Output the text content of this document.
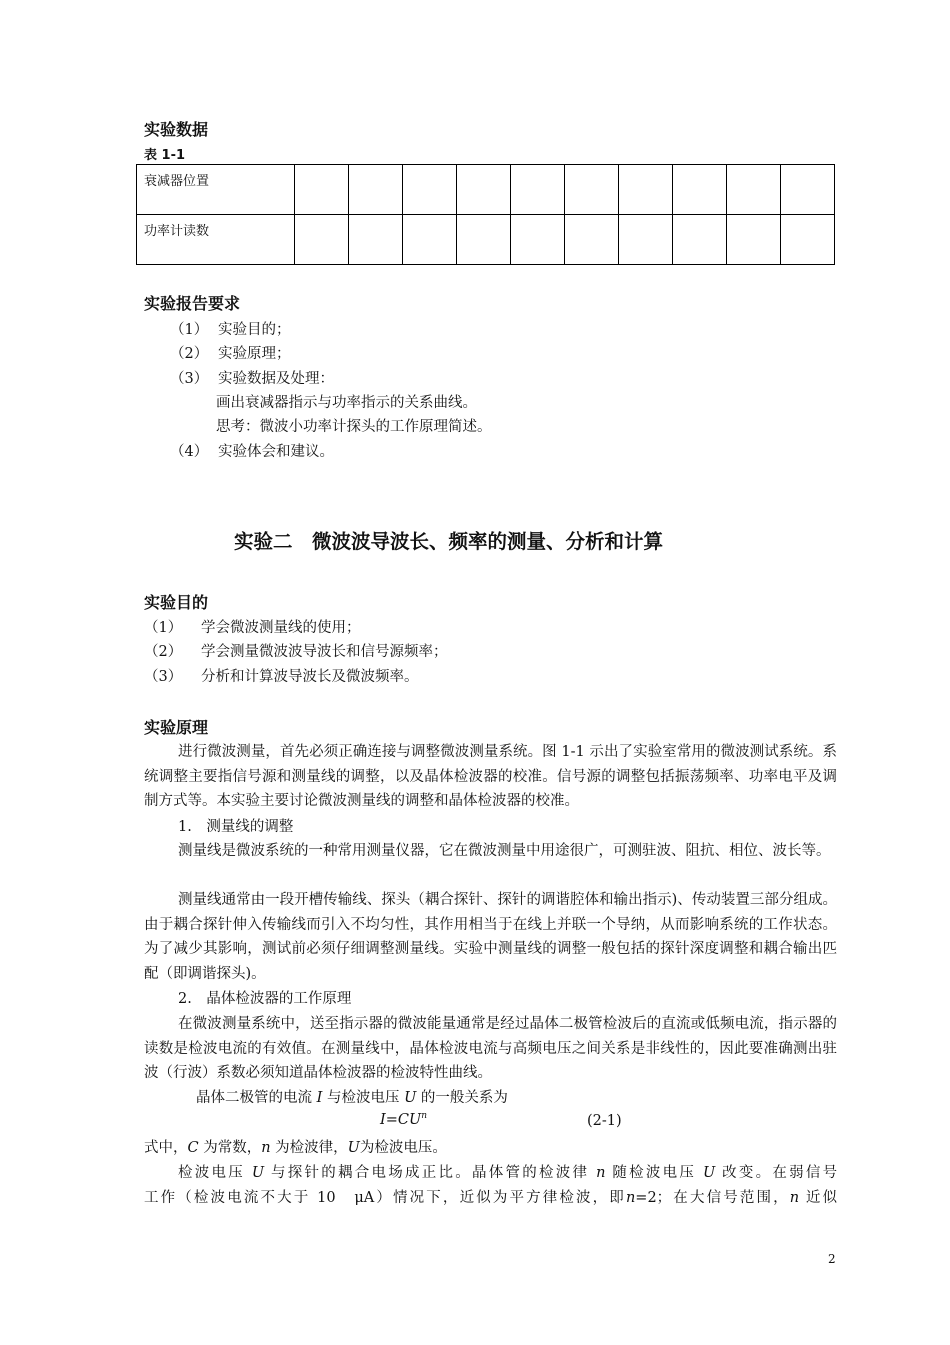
实验数据
表 1-1
衰减器位置										
功率计读数										
实验报告要求
（1） 实验目的；
（2） 实验原理；
（3） 实验数据及处理：
画出衰减器指示与功率指示的关系曲线。
思考：微波小功率计探头的工作原理简述。
（4） 实验体会和建议。
实验二　微波波导波长、频率的测量、分析和计算
实验目的
（1） 学会微波测量线的使用；
（2） 学会测量微波波导波长和信号源频率；
（3） 分析和计算波导波长及微波频率。
实验原理
进行微波测量，首先必须正确连接与调整微波测量系统。图 1-1 示出了实验室常用的微波测试系统。系统调整主要指信号源和测量线的调整，以及晶体检波器的校准。信号源的调整包括振荡频率、功率电平及调制方式等。本实验主要讨论微波测量线的调整和晶体检波器的校准。
1.　测量线的调整
测量线是微波系统的一种常用测量仪器，它在微波测量中用途很广，可测驻波、阻抗、相位、波长等。
测量线通常由一段开槽传输线、探头（耦合探针、探针的调谐腔体和输出指示)、传动装置三部分组成。由于耦合探针伸入传输线而引入不均匀性，其作用相当于在线上并联一个导纳，从而影响系统的工作状态。为了减少其影响，测试前必须仔细调整测量线。实验中测量线的调整一般包括的探针深度调整和耦合输出匹配（即调谐探头)。
2.　晶体检波器的工作原理
在微波测量系统中，送至指示器的微波能量通常是经过晶体二极管检波后的直流或低频电流，指示器的读数是检波电流的有效值。在测量线中，晶体检波电流与高频电压之间关系是非线性的，因此要准确测出驻波（行波）系数必须知道晶体检波器的检波特性曲线。
晶体二极管的电流 I 与检波电压 U 的一般关系为
$I=CU^n$	(2-1)
式中，C 为常数，n 为检波律，U为检波电压。
检波电压 U 与探针的耦合电场成正比。晶体管的检波律 n 随检波电压 U 改变。在弱信号
工作（检波电流不大于 10　μA）情况下，近似为平方律检波，即n=2；在大信号范围，n 近似
2
